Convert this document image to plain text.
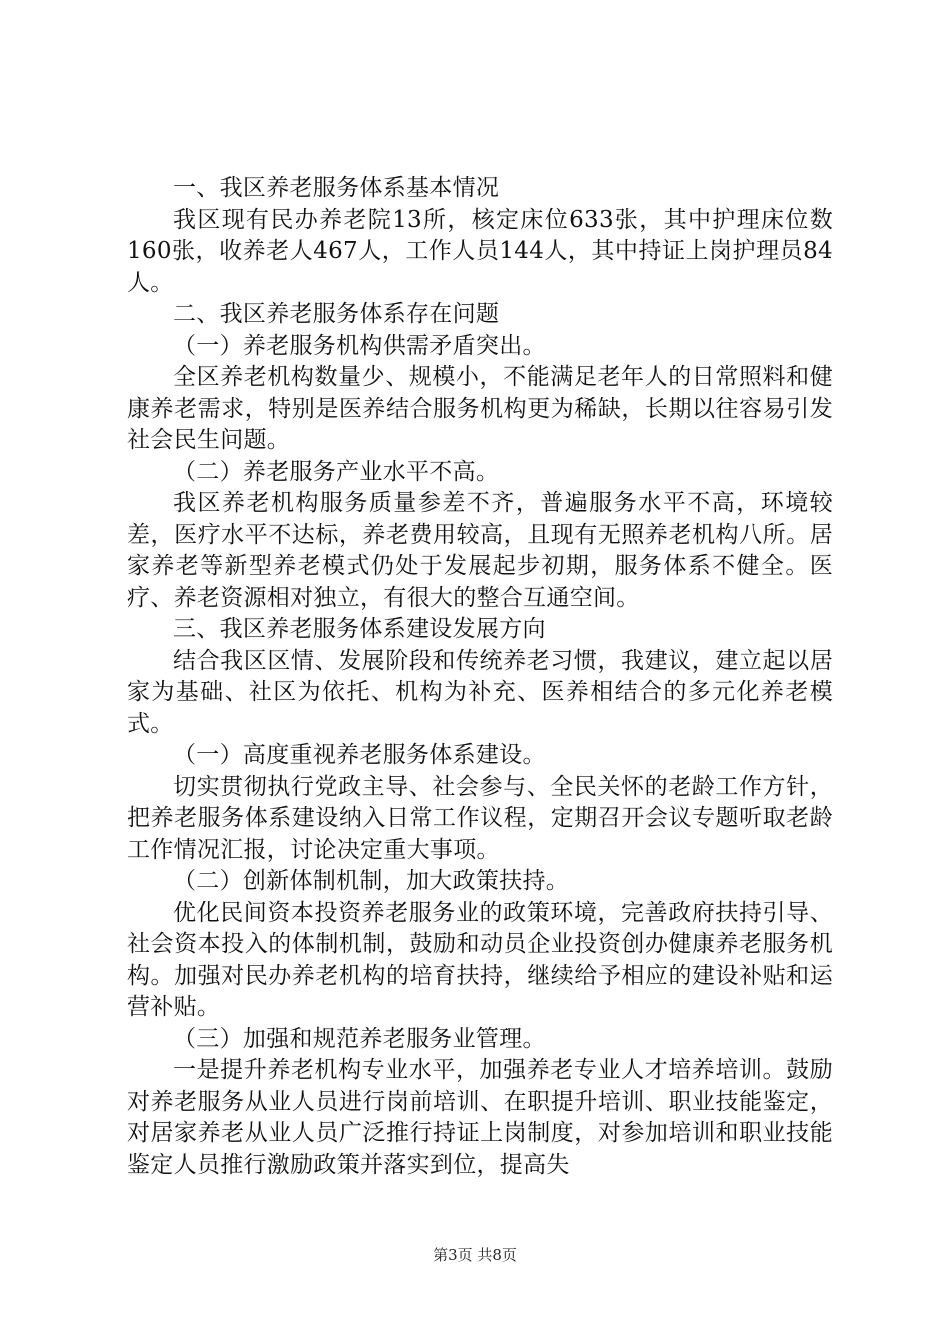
一、我区养老服务体系基本情况

我区现有民办养老院13所，核定床位633张，其中护理床位数160张，收养老人467人，工作人员144人，其中持证上岗护理员84人。

二、我区养老服务体系存在问题

（一）养老服务机构供需矛盾突出。

全区养老机构数量少、规模小，不能满足老年人的日常照料和健康养老需求，特别是医养结合服务机构更为稀缺，长期以往容易引发社会民生问题。

（二）养老服务产业水平不高。

我区养老机构服务质量参差不齐，普遍服务水平不高，环境较差，医疗水平不达标，养老费用较高，且现有无照养老机构八所。居家养老等新型养老模式仍处于发展起步初期，服务体系不健全。医疗、养老资源相对独立，有很大的整合互通空间。

三、我区养老服务体系建设发展方向

结合我区区情、发展阶段和传统养老习惯，我建议，建立起以居家为基础、社区为依托、机构为补充、医养相结合的多元化养老模式。

（一）高度重视养老服务体系建设。

切实贯彻执行党政主导、社会参与、全民关怀的老龄工作方针，把养老服务体系建设纳入日常工作议程，定期召开会议专题听取老龄工作情况汇报，讨论决定重大事项。

（二）创新体制机制，加大政策扶持。

优化民间资本投资养老服务业的政策环境，完善政府扶持引导、社会资本投入的体制机制，鼓励和动员企业投资创办健康养老服务机构。加强对民办养老机构的培育扶持，继续给予相应的建设补贴和运营补贴。

（三）加强和规范养老服务业管理。

一是提升养老机构专业水平，加强养老专业人才培养培训。鼓励对养老服务从业人员进行岗前培训、在职提升培训、职业技能鉴定，对居家养老从业人员广泛推行持证上岗制度，对参加培训和职业技能鉴定人员推行激励政策并落实到位，提高失

第3页 共8页
